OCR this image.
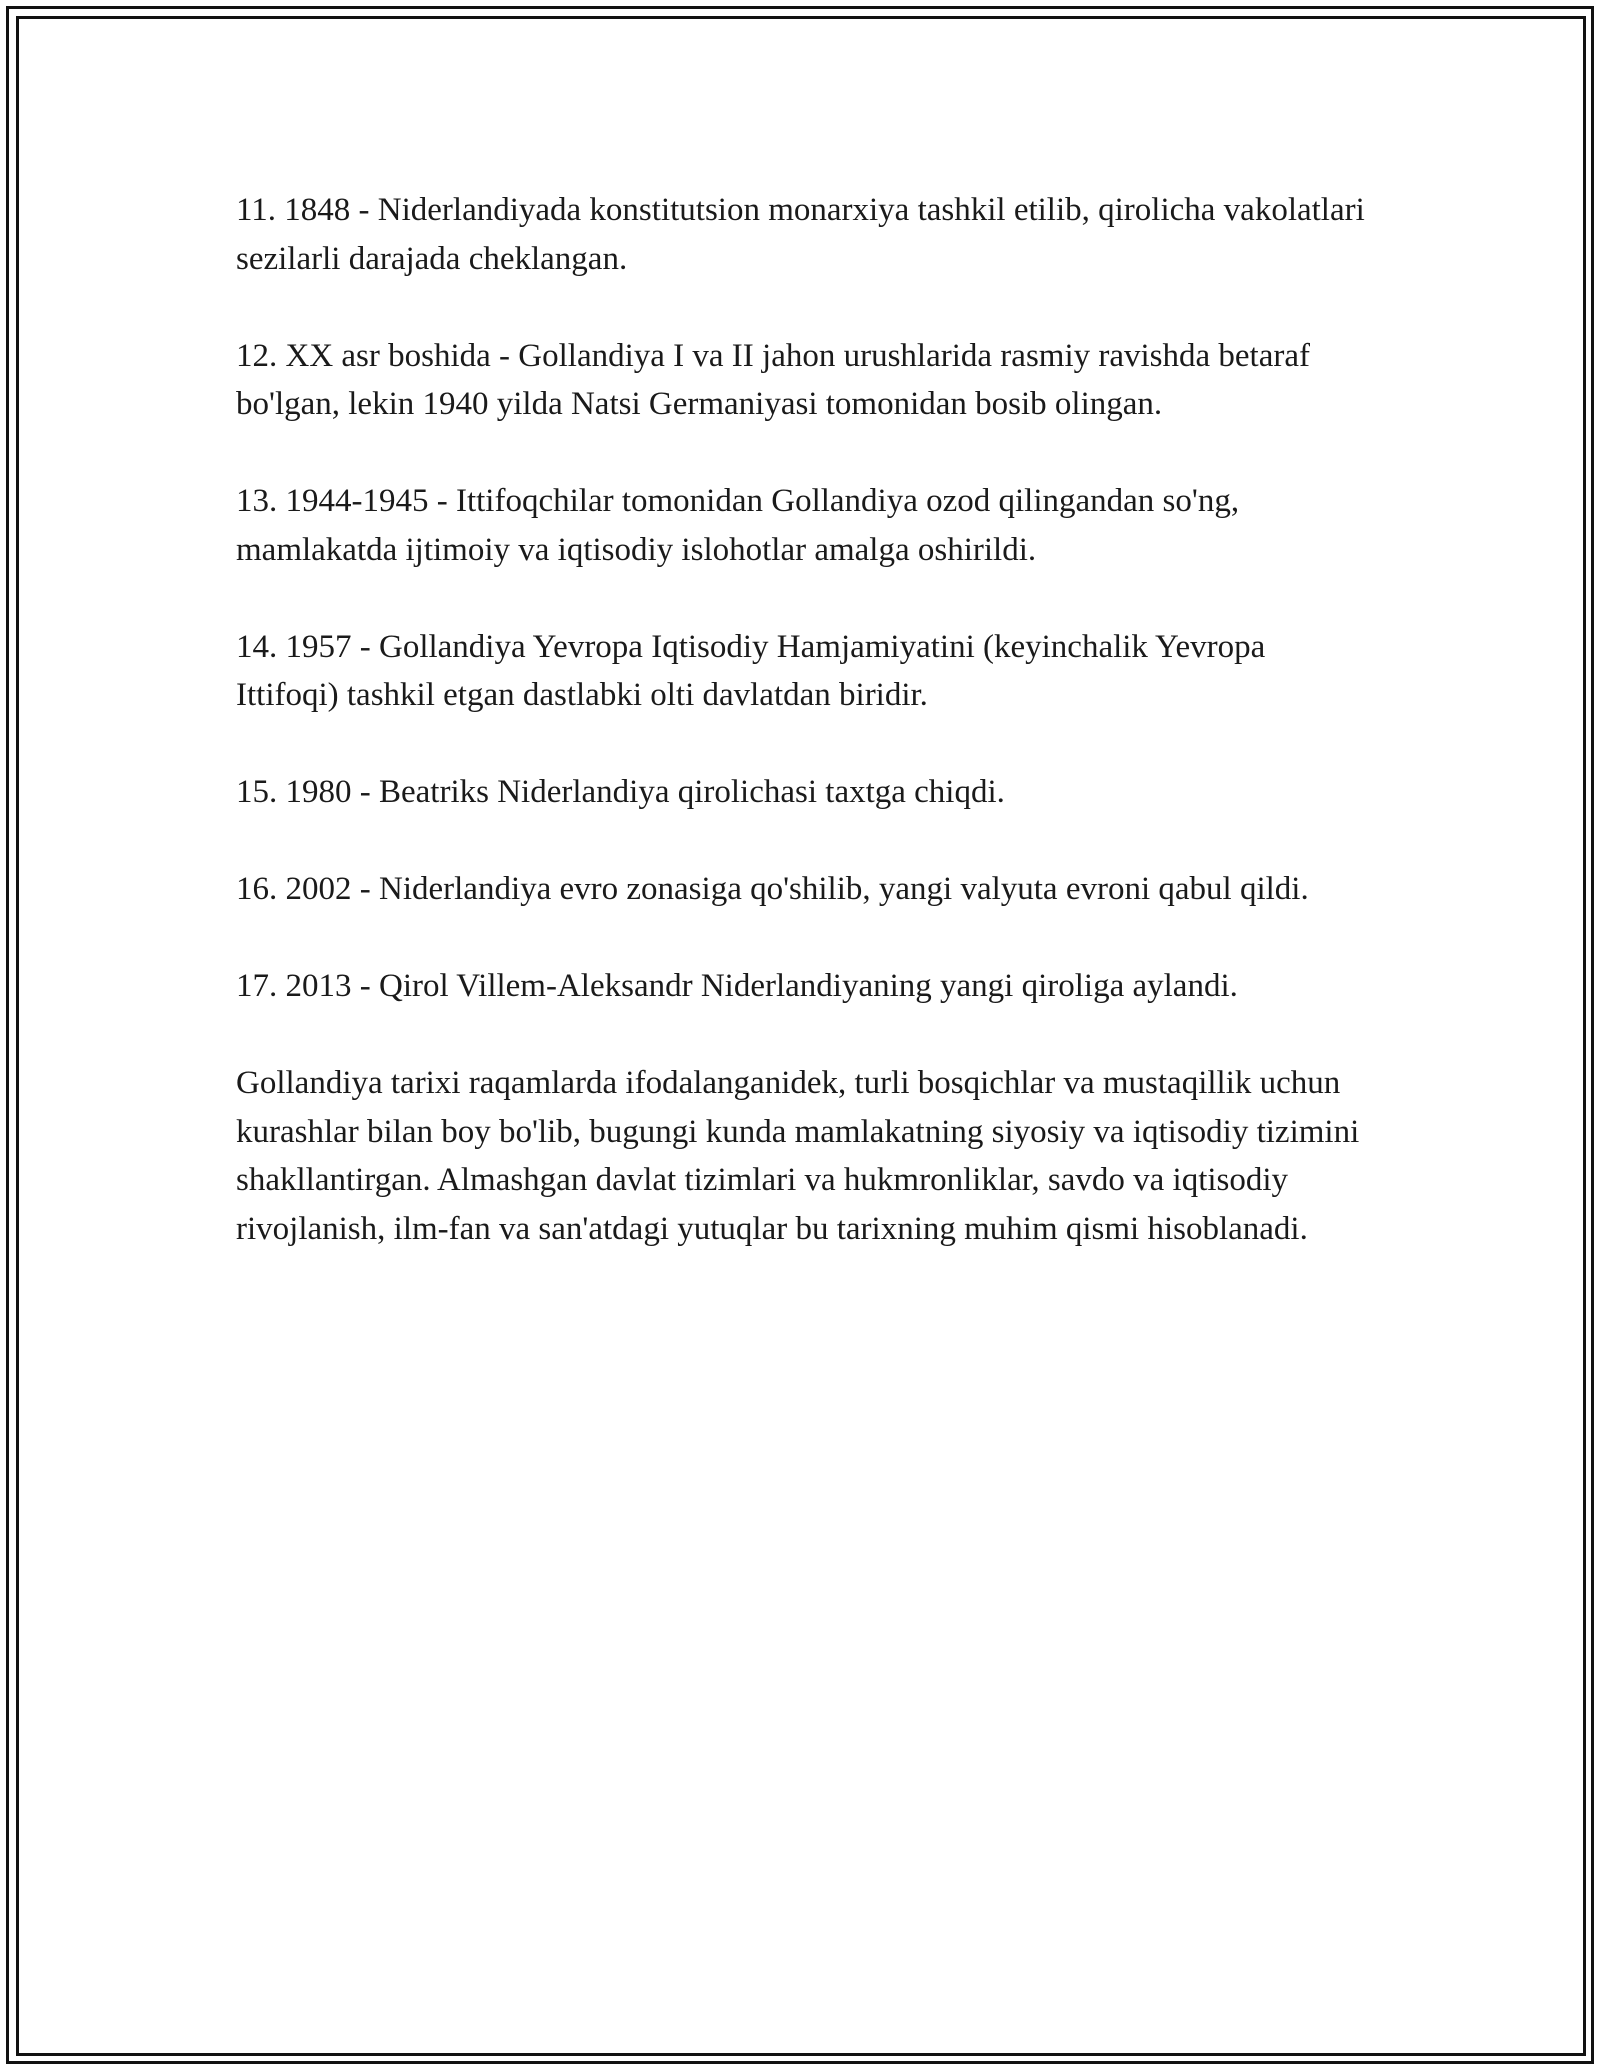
11. 1848 - Niderlandiyada konstitutsion monarxiya tashkil etilib, qirolicha vakolatlari sezilarli darajada cheklangan.

12. XX asr boshida - Gollandiya I va II jahon urushlarida rasmiy ravishda betaraf bo'lgan, lekin 1940 yilda Natsi Germaniyasi tomonidan bosib olingan.

13. 1944-1945 - Ittifoqchilar tomonidan Gollandiya ozod qilingandan so'ng, mamlakatda ijtimoiy va iqtisodiy islohotlar amalga oshirildi.

14. 1957 - Gollandiya Yevropa Iqtisodiy Hamjamiyatini (keyinchalik Yevropa Ittifoqi) tashkil etgan dastlabki olti davlatdan biridir.

15. 1980 - Beatriks Niderlandiya qirolichasi taxtga chiqdi.

16. 2002 - Niderlandiya evro zonasiga qo'shilib, yangi valyuta evroni qabul qildi.

17. 2013 - Qirol Villem-Aleksandr Niderlandiyaning yangi qiroliga aylandi.

Gollandiya tarixi raqamlarda ifodalanganidek, turli bosqichlar va mustaqillik uchun kurashlar bilan boy bo'lib, bugungi kunda mamlakatning siyosiy va iqtisodiy tizimini shakllantirgan. Almashgan davlat tizimlari va hukmronliklar, savdo va iqtisodiy rivojlanish, ilm-fan va san'atdagi yutuqlar bu tarixning muhim qismi hisoblanadi.
